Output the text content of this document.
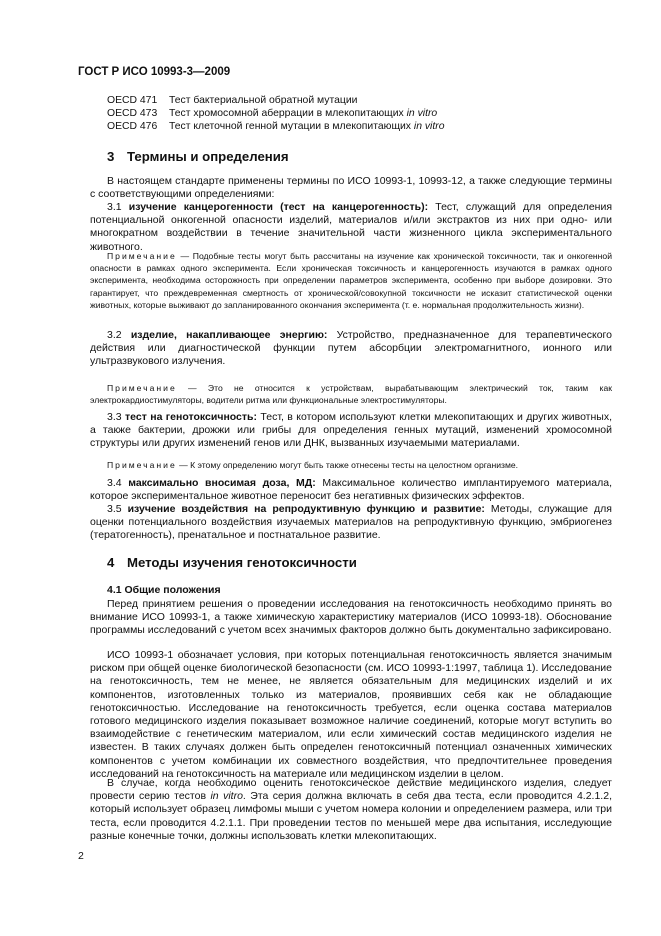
ГОСТ Р ИСО 10993-3—2009
OECD 471 Тест бактериальной обратной мутации
OECD 473 Тест хромосомной аберрации в млекопитающих in vitro
OECD 476 Тест клеточной генной мутации в млекопитающих in vitro
3 Термины и определения
В настоящем стандарте применены термины по ИСО 10993-1, 10993-12, а также следующие термины с соответствующими определениями:
3.1 изучение канцерогенности (тест на канцерогенность): Тест, служащий для определения потенциальной онкогенной опасности изделий, материалов и/или экстрактов из них при одно- или многократном воздействии в течение значительной части жизненного цикла экспериментального животного.
Примечание — Подобные тесты могут быть рассчитаны на изучение как хронической токсичности, так и онкогенной опасности в рамках одного эксперимента. Если хроническая токсичность и канцерогенность изучаются в рамках одного эксперимента, необходима осторожность при определении параметров эксперимента, особенно при выборе дозировки. Это гарантирует, что преждевременная смертность от хронической/совокупной токсичности не исказит статистической оценки животных, которые выживают до запланированного окончания эксперимента (т. е. нормальная продолжительность жизни).
3.2 изделие, накапливающее энергию: Устройство, предназначенное для терапевтического действия или диагностической функции путем абсорбции электромагнитного, ионного или ультразвукового излучения.
Примечание — Это не относится к устройствам, вырабатывающим электрический ток, таким как электрокардиостимуляторы, водители ритма или функциональные электростимуляторы.
3.3 тест на генотоксичность: Тест, в котором используют клетки млекопитающих и других животных, а также бактерии, дрожжи или грибы для определения генных мутаций, изменений хромосомной структуры или других изменений генов или ДНК, вызванных изучаемыми материалами.
Примечание — К этому определению могут быть также отнесены тесты на целостном организме.
3.4 максимально вносимая доза, МД: Максимальное количество имплантируемого материала, которое экспериментальное животное переносит без негативных физических эффектов.
3.5 изучение воздействия на репродуктивную функцию и развитие: Методы, служащие для оценки потенциального воздействия изучаемых материалов на репродуктивную функцию, эмбриогенез (тератогенность), пренатальное и постнатальное развитие.
4 Методы изучения генотоксичности
4.1 Общие положения
Перед принятием решения о проведении исследования на генотоксичность необходимо принять во внимание ИСО 10993-1, а также химическую характеристику материалов (ИСО 10993-18). Обоснование программы исследований с учетом всех значимых факторов должно быть документально зафиксировано.
ИСО 10993-1 обозначает условия, при которых потенциальная генотоксичность является значимым риском при общей оценке биологической безопасности (см. ИСО 10993-1:1997, таблица 1). Исследование на генотоксичность, тем не менее, не является обязательным для медицинских изделий и их компонентов, изготовленных только из материалов, проявивших себя как не обладающие генотоксичностью. Исследование на генотоксичность требуется, если оценка состава материалов готового медицинского изделия показывает возможное наличие соединений, которые могут вступить во взаимодействие с генетическим материалом, или если химический состав медицинского изделия не известен. В таких случаях должен быть определен генотоксичный потенциал означенных химических компонентов с учетом комбинации их совместного воздействия, что предпочтительнее проведения исследований на генотоксичность на материале или медицинском изделии в целом.
В случае, когда необходимо оценить генотоксическое действие медицинского изделия, следует провести серию тестов in vitro. Эта серия должна включать в себя два теста, если проводится 4.2.1.2, который использует образец лимфомы мыши с учетом номера колонии и определением размера, или три теста, если проводится 4.2.1.1. При проведении тестов по меньшей мере два испытания, исследующие разные конечные точки, должны использовать клетки млекопитающих.
2
